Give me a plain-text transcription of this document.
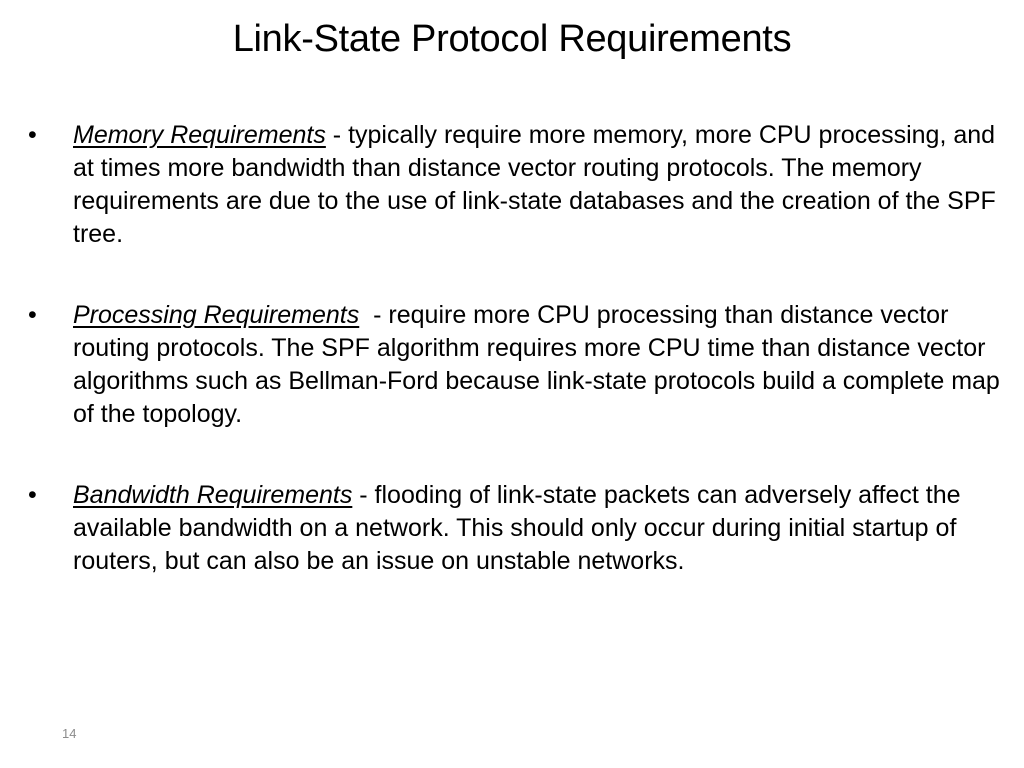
Link-State Protocol Requirements
• Memory Requirements - typically require more memory, more CPU processing, and at times more bandwidth than distance vector routing protocols. The memory requirements are due to the use of link-state databases and the creation of the SPF tree.
• Processing Requirements  - require more CPU processing than distance vector routing protocols. The SPF algorithm requires more CPU time than distance vector algorithms such as Bellman-Ford because link-state protocols build a complete map of the topology.
• Bandwidth Requirements - flooding of link-state packets can adversely affect the available bandwidth on a network. This should only occur during initial startup of routers, but can also be an issue on unstable networks.
14
